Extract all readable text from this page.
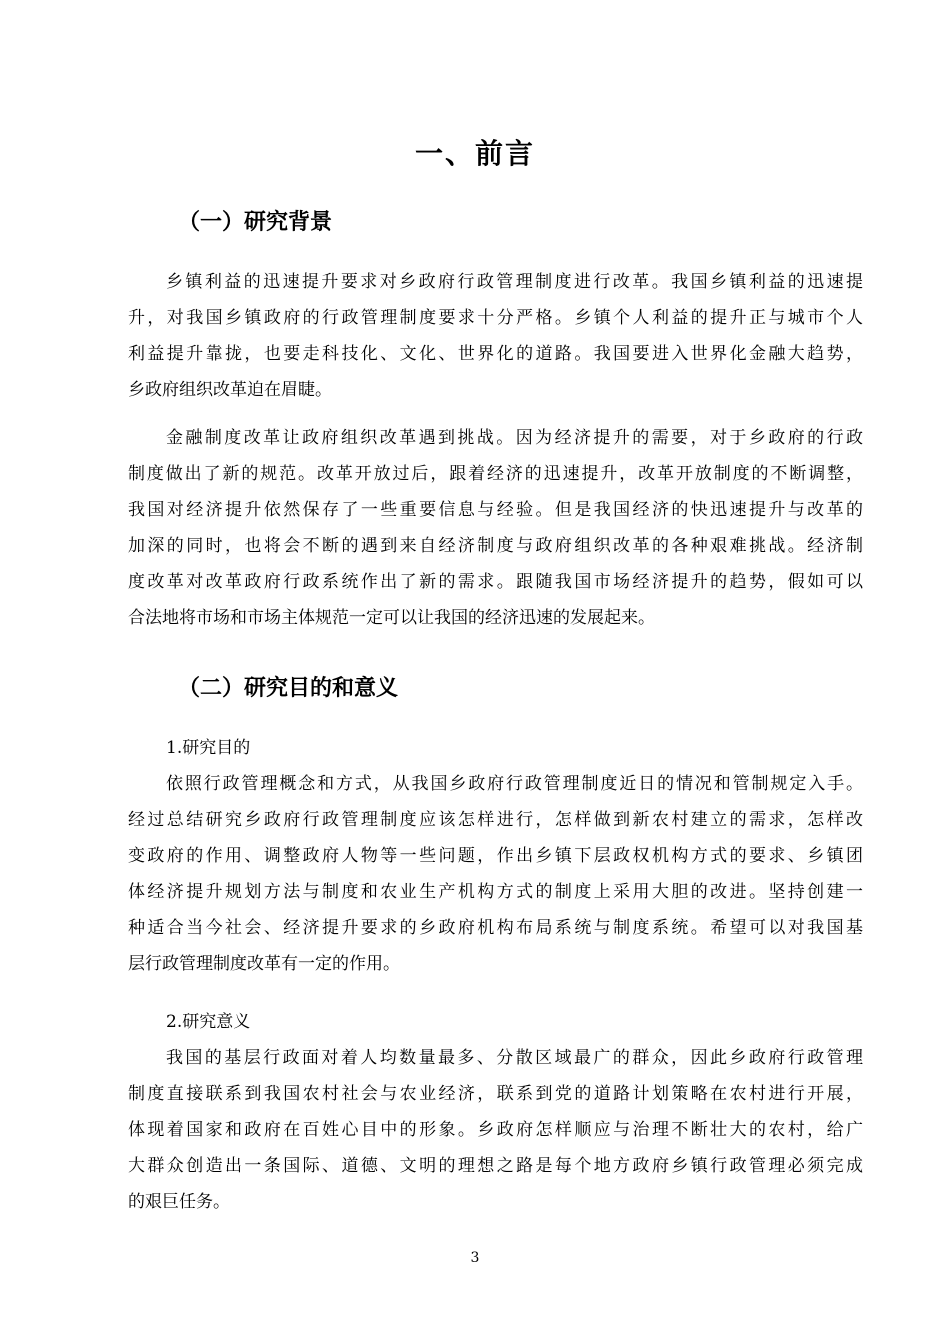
一、前言
（一）研究背景
乡镇利益的迅速提升要求对乡政府行政管理制度进行改革。我国乡镇利益的迅速提
升，对我国乡镇政府的行政管理制度要求十分严格。乡镇个人利益的提升正与城市个人
利益提升靠拢，也要走科技化、文化、世界化的道路。我国要进入世界化金融大趋势，
乡政府组织改革迫在眉睫。
金融制度改革让政府组织改革遇到挑战。因为经济提升的需要，对于乡政府的行政
制度做出了新的规范。改革开放过后，跟着经济的迅速提升，改革开放制度的不断调整，
我国对经济提升依然保存了一些重要信息与经验。但是我国经济的快迅速提升与改革的
加深的同时，也将会不断的遇到来自经济制度与政府组织改革的各种艰难挑战。经济制
度改革对改革政府行政系统作出了新的需求。跟随我国市场经济提升的趋势，假如可以
合法地将市场和市场主体规范一定可以让我国的经济迅速的发展起来。
（二）研究目的和意义
1.研究目的
依照行政管理概念和方式，从我国乡政府行政管理制度近日的情况和管制规定入手。
经过总结研究乡政府行政管理制度应该怎样进行，怎样做到新农村建立的需求，怎样改
变政府的作用、调整政府人物等一些问题，作出乡镇下层政权机构方式的要求、乡镇团
体经济提升规划方法与制度和农业生产机构方式的制度上采用大胆的改进。坚持创建一
种适合当今社会、经济提升要求的乡政府机构布局系统与制度系统。希望可以对我国基
层行政管理制度改革有一定的作用。
2.研究意义
我国的基层行政面对着人均数量最多、分散区域最广的群众，因此乡政府行政管理
制度直接联系到我国农村社会与农业经济，联系到党的道路计划策略在农村进行开展，
体现着国家和政府在百姓心目中的形象。乡政府怎样顺应与治理不断壮大的农村，给广
大群众创造出一条国际、道德、文明的理想之路是每个地方政府乡镇行政管理必须完成
的艰巨任务。
3
